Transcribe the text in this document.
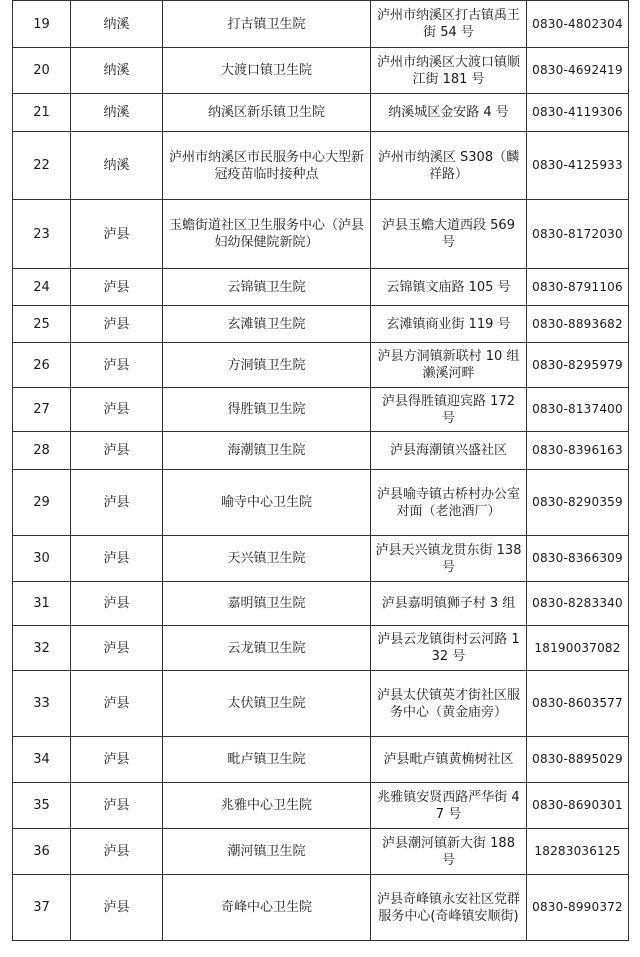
19	纳溪	打古镇卫生院	泸州市纳溪区打古镇禹王街 54 号	0830-4802304
20	纳溪	大渡口镇卫生院	泸州市纳溪区大渡口镇顺江街 181 号	0830-4692419
21	纳溪	纳溪区新乐镇卫生院	纳溪城区金安路 4 号	0830-4119306
22	纳溪	泸州市纳溪区市民服务中心大型新冠疫苗临时接种点	泸州市纳溪区 S308（麟祥路）	0830-4125933
23	泸县	玉蟾街道社区卫生服务中心（泸县妇幼保健院新院）	泸县玉蟾大道西段 569 号	0830-8172030
24	泸县	云锦镇卫生院	云锦镇文庙路 105 号	0830-8791106
25	泸县	玄滩镇卫生院	玄滩镇商业街 119 号	0830-8893682
26	泸县	方洞镇卫生院	泸县方洞镇新联村 10 组濑溪河畔	0830-8295979
27	泸县	得胜镇卫生院	泸县得胜镇迎宾路 172 号	0830-8137400
28	泸县	海潮镇卫生院	泸县海潮镇兴盛社区	0830-8396163
29	泸县	喻寺中心卫生院	泸县喻寺镇古桥村办公室对面（老池酒厂）	0830-8290359
30	泸县	天兴镇卫生院	泸县天兴镇龙贯东街 138 号	0830-8366309
31	泸县	嘉明镇卫生院	泸县嘉明镇狮子村 3 组	0830-8283340
32	泸县	云龙镇卫生院	泸县云龙镇街村云河路 132 号	18190037082
33	泸县	太伏镇卫生院	泸县太伏镇英才街社区服务中心（黄金庙旁）	0830-8603577
34	泸县	毗卢镇卫生院	泸县毗卢镇黄桷树社区	0830-8895029
35	泸县	兆雅中心卫生院	兆雅镇安贤西路严华街 47 号	0830-8690301
36	泸县	潮河镇卫生院	泸县潮河镇新大街 188 号	18283036125
37	泸县	奇峰中心卫生院	泸县奇峰镇永安社区党群服务中心(奇峰镇安顺街)	0830-8990372
